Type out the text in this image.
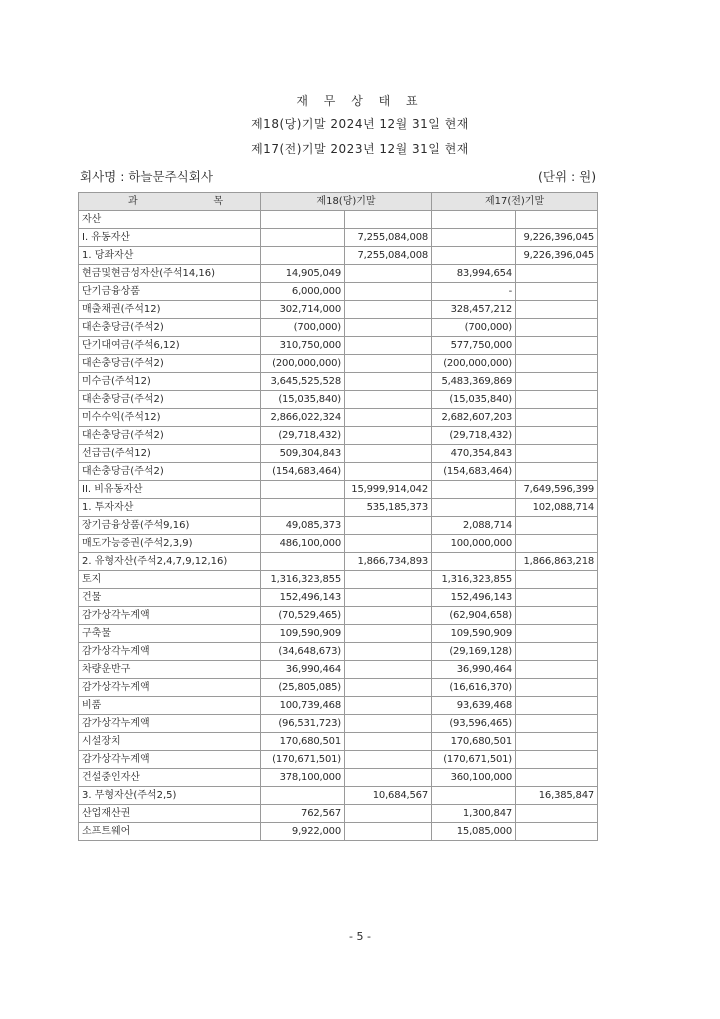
재 무 상 태 표
제18(당)기말 2024년 12월 31일 현재
제17(전)기말 2023년 12월 31일 현재
회사명 : 하늘문주식회사	(단위 : 원)
과 목	제18(당)기말		제17(전)기말	
자산				
I. 유동자산		7,255,084,008		9,226,396,045
1. 당좌자산		7,255,084,008		9,226,396,045
현금및현금성자산(주석14,16)	14,905,049		83,994,654	
단기금융상품	6,000,000		-	
매출채권(주석12)	302,714,000		328,457,212	
대손충당금(주석2)	(700,000)		(700,000)	
단기대여금(주석6,12)	310,750,000		577,750,000	
대손충당금(주석2)	(200,000,000)		(200,000,000)	
미수금(주석12)	3,645,525,528		5,483,369,869	
대손충당금(주석2)	(15,035,840)		(15,035,840)	
미수수익(주석12)	2,866,022,324		2,682,607,203	
대손충당금(주석2)	(29,718,432)		(29,718,432)	
선급금(주석12)	509,304,843		470,354,843	
대손충당금(주석2)	(154,683,464)		(154,683,464)	
II. 비유동자산		15,999,914,042		7,649,596,399
1. 투자자산		535,185,373		102,088,714
장기금융상품(주석9,16)	49,085,373		2,088,714	
매도가능증권(주석2,3,9)	486,100,000		100,000,000	
2. 유형자산(주석2,4,7,9,12,16)		1,866,734,893		1,866,863,218
토지	1,316,323,855		1,316,323,855	
건물	152,496,143		152,496,143	
감가상각누계액	(70,529,465)		(62,904,658)	
구축물	109,590,909		109,590,909	
감가상각누계액	(34,648,673)		(29,169,128)	
차량운반구	36,990,464		36,990,464	
감가상각누계액	(25,805,085)		(16,616,370)	
비품	100,739,468		93,639,468	
감가상각누계액	(96,531,723)		(93,596,465)	
시설장치	170,680,501		170,680,501	
감가상각누계액	(170,671,501)		(170,671,501)	
건설중인자산	378,100,000		360,100,000	
3. 무형자산(주석2,5)		10,684,567		16,385,847
산업재산권	762,567		1,300,847	
소프트웨어	9,922,000		15,085,000	
- 5 -
